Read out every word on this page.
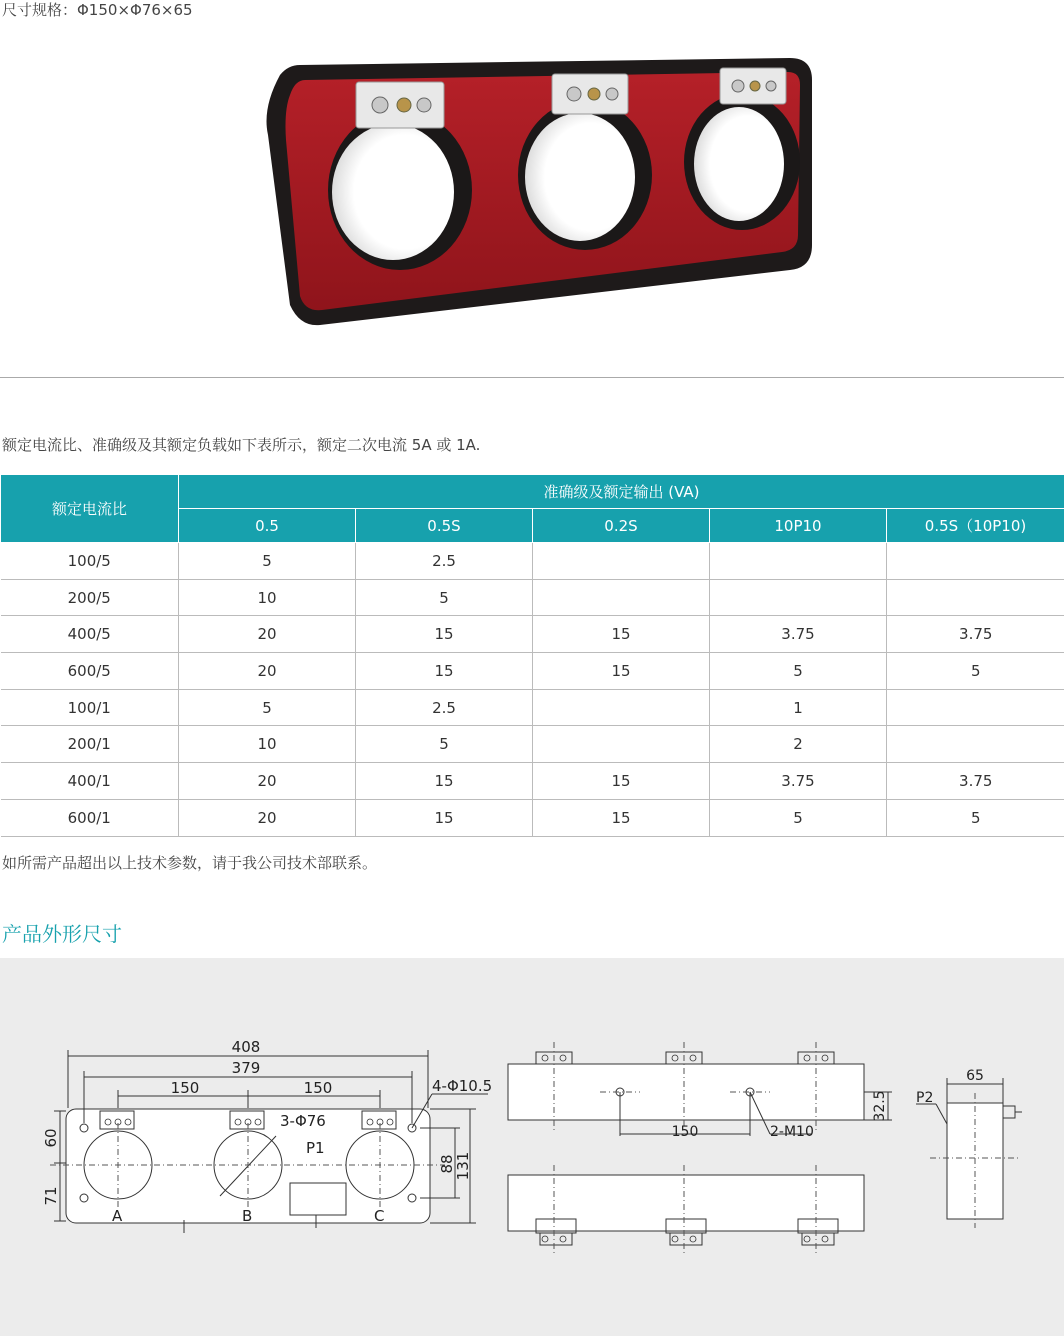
尺寸规格：Φ150×Φ76×65
额定电流比、准确级及其额定负载如下表所示，额定二次电流 5A 或 1A.
额定电流比	准确级及额定输出 (VA)				
	0.5	0.5S	0.2S	10P10	0.5S（10P10)
100/5	5	2.5			
200/5	10	5			
400/5	20	15	15	3.75	3.75
600/5	20	15	15	5	5
100/1	5	2.5		1	
200/1	10	5		2	
400/1	20	15	15	3.75	3.75
600/1	20	15	15	5	5
如所需产品超出以上技术参数，请于我公司技术部联系。
产品外形尺寸
408
379
150	150
60
71
88
131
4-Φ10.5
3-Φ76
P1
A	B	C
150	2-M10
32.5
65
P2
